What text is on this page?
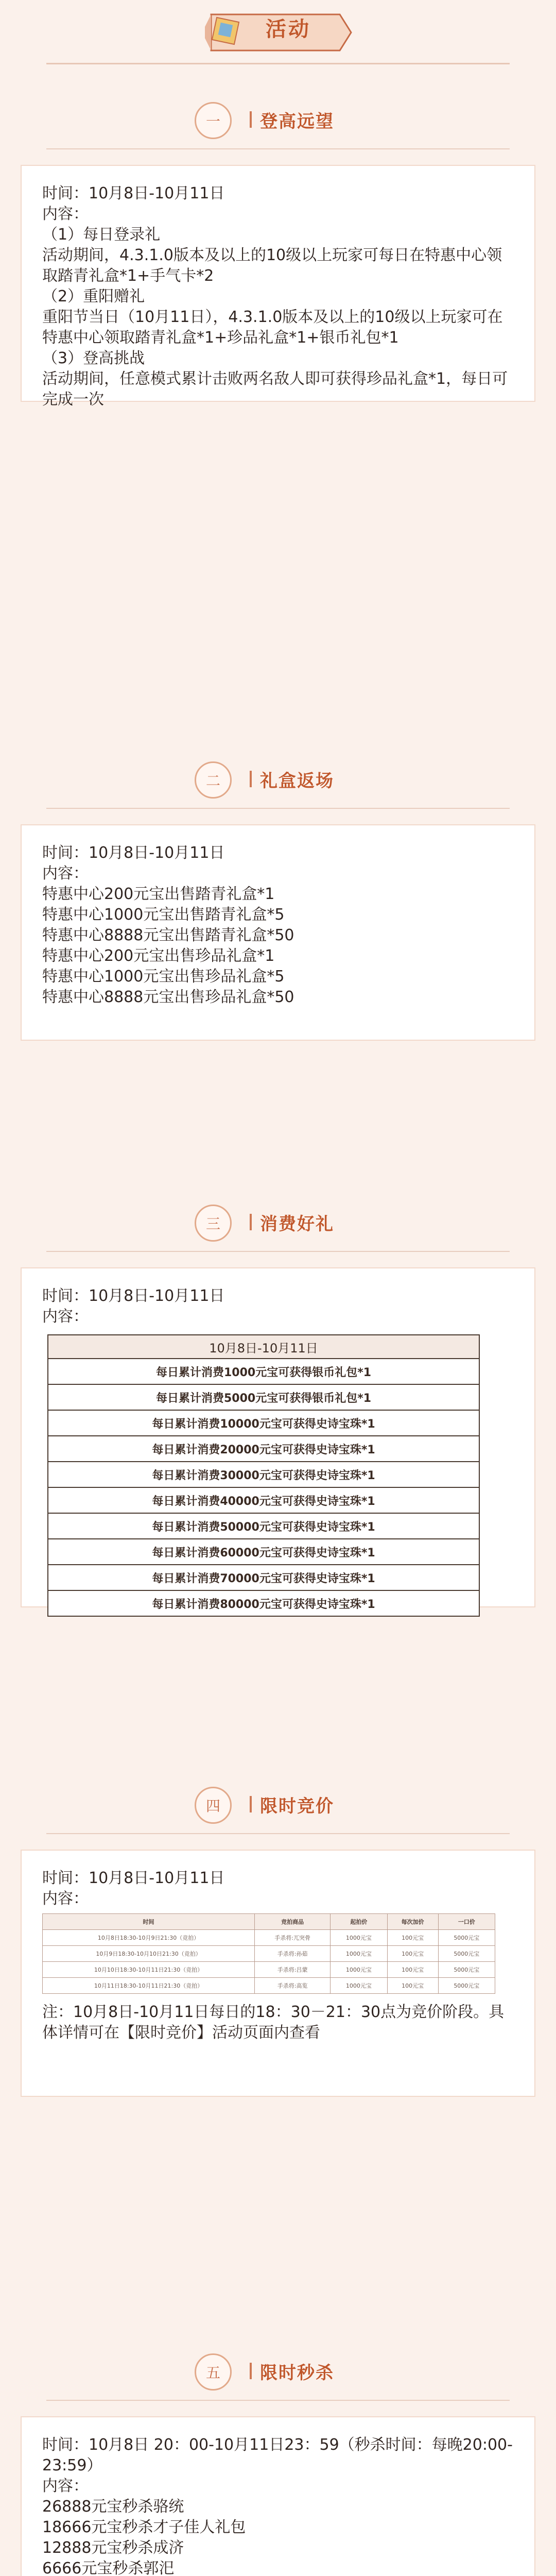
活动
一	登高远望
时间：10月8日-10月11日
内容：
（1）每日登录礼
活动期间，4.3.1.0版本及以上的10级以上玩家可每日在特惠中心领取踏青礼盒*1+手气卡*2
（2）重阳赠礼
重阳节当日（10月11日），4.3.1.0版本及以上的10级以上玩家可在特惠中心领取踏青礼盒*1+珍品礼盒*1+银币礼包*1
（3）登高挑战
活动期间，任意模式累计击败两名敌人即可获得珍品礼盒*1，每日可完成一次
二	礼盒返场
时间：10月8日-10月11日
内容：
特惠中心200元宝出售踏青礼盒*1
特惠中心1000元宝出售踏青礼盒*5
特惠中心8888元宝出售踏青礼盒*50
特惠中心200元宝出售珍品礼盒*1
特惠中心1000元宝出售珍品礼盒*5
特惠中心8888元宝出售珍品礼盒*50
三	消费好礼
时间：10月8日-10月11日
内容：
10月8日-10月11日
每日累计消费1000元宝可获得银币礼包*1
每日累计消费5000元宝可获得银币礼包*1
每日累计消费10000元宝可获得史诗宝珠*1
每日累计消费20000元宝可获得史诗宝珠*1
每日累计消费30000元宝可获得史诗宝珠*1
每日累计消费40000元宝可获得史诗宝珠*1
每日累计消费50000元宝可获得史诗宝珠*1
每日累计消费60000元宝可获得史诗宝珠*1
每日累计消费70000元宝可获得史诗宝珠*1
每日累计消费80000元宝可获得史诗宝珠*1
四	限时竞价
时间：10月8日-10月11日
内容：
时间	竞拍商品	起拍价	每次加价	一口价
10月8日18:30-10月9日21:30（竞拍）	手杀将:兀突骨	1000元宝	100元宝	5000元宝
10月9日18:30-10月10日21:30（竞拍）	手杀将:孙茹	1000元宝	100元宝	5000元宝
10月10日18:30-10月11日21:30（竞拍）	手杀将:吕蒙	1000元宝	100元宝	5000元宝
10月11日18:30-10月11日21:30（竞拍）	手杀将:高览	1000元宝	100元宝	5000元宝
注：10月8日-10月11日每日的18：30－21：30点为竞价阶段。具体详情可在【限时竞价】活动页面内查看
五	限时秒杀
时间：10月8日 20：00-10月11日23：59（秒杀时间：每晚20:00-23:59）
内容：
26888元宝秒杀骆统
18666元宝秒杀才子佳人礼包
12888元宝秒杀成济
6666元宝秒杀郭汜
